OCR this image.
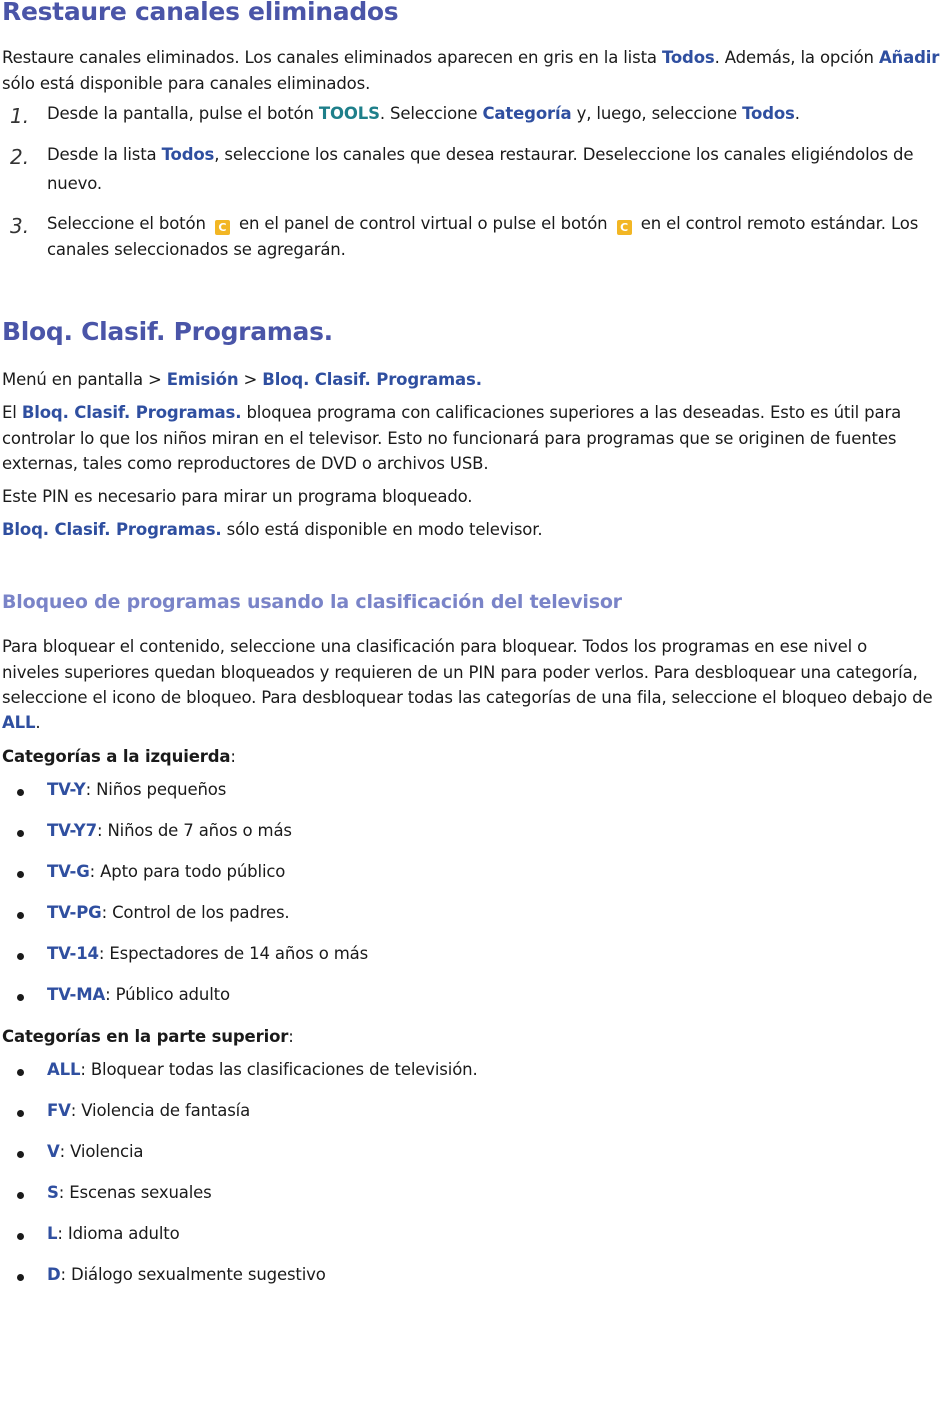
Restaure canales eliminados
Restaure canales eliminados. Los canales eliminados aparecen en gris en la lista Todos. Además, la opción Añadir
sólo está disponible para canales eliminados.
1. Desde la pantalla, pulse el botón TOOLS. Seleccione Categoría y, luego, seleccione Todos.
2. Desde la lista Todos, seleccione los canales que desea restaurar. Deseleccione los canales eligiéndolos de
nuevo.
3. Seleccione el botón C en el panel de control virtual o pulse el botón C en el control remoto estándar. Los
canales seleccionados se agregarán.
Bloq. Clasif. Programas.
Menú en pantalla > Emisión > Bloq. Clasif. Programas.
El Bloq. Clasif. Programas. bloquea programa con calificaciones superiores a las deseadas. Esto es útil para
controlar lo que los niños miran en el televisor. Esto no funcionará para programas que se originen de fuentes
externas, tales como reproductores de DVD o archivos USB.
Este PIN es necesario para mirar un programa bloqueado.
Bloq. Clasif. Programas. sólo está disponible en modo televisor.
Bloqueo de programas usando la clasificación del televisor
Para bloquear el contenido, seleccione una clasificación para bloquear. Todos los programas en ese nivel o
niveles superiores quedan bloqueados y requieren de un PIN para poder verlos. Para desbloquear una categoría,
seleccione el icono de bloqueo. Para desbloquear todas las categorías de una fila, seleccione el bloqueo debajo de
ALL.
Categorías a la izquierda:
TV-Y: Niños pequeños
TV-Y7: Niños de 7 años o más
TV-G: Apto para todo público
TV-PG: Control de los padres.
TV-14: Espectadores de 14 años o más
TV-MA: Público adulto
Categorías en la parte superior:
ALL: Bloquear todas las clasificaciones de televisión.
FV: Violencia de fantasía
V: Violencia
S: Escenas sexuales
L: Idioma adulto
D: Diálogo sexualmente sugestivo
